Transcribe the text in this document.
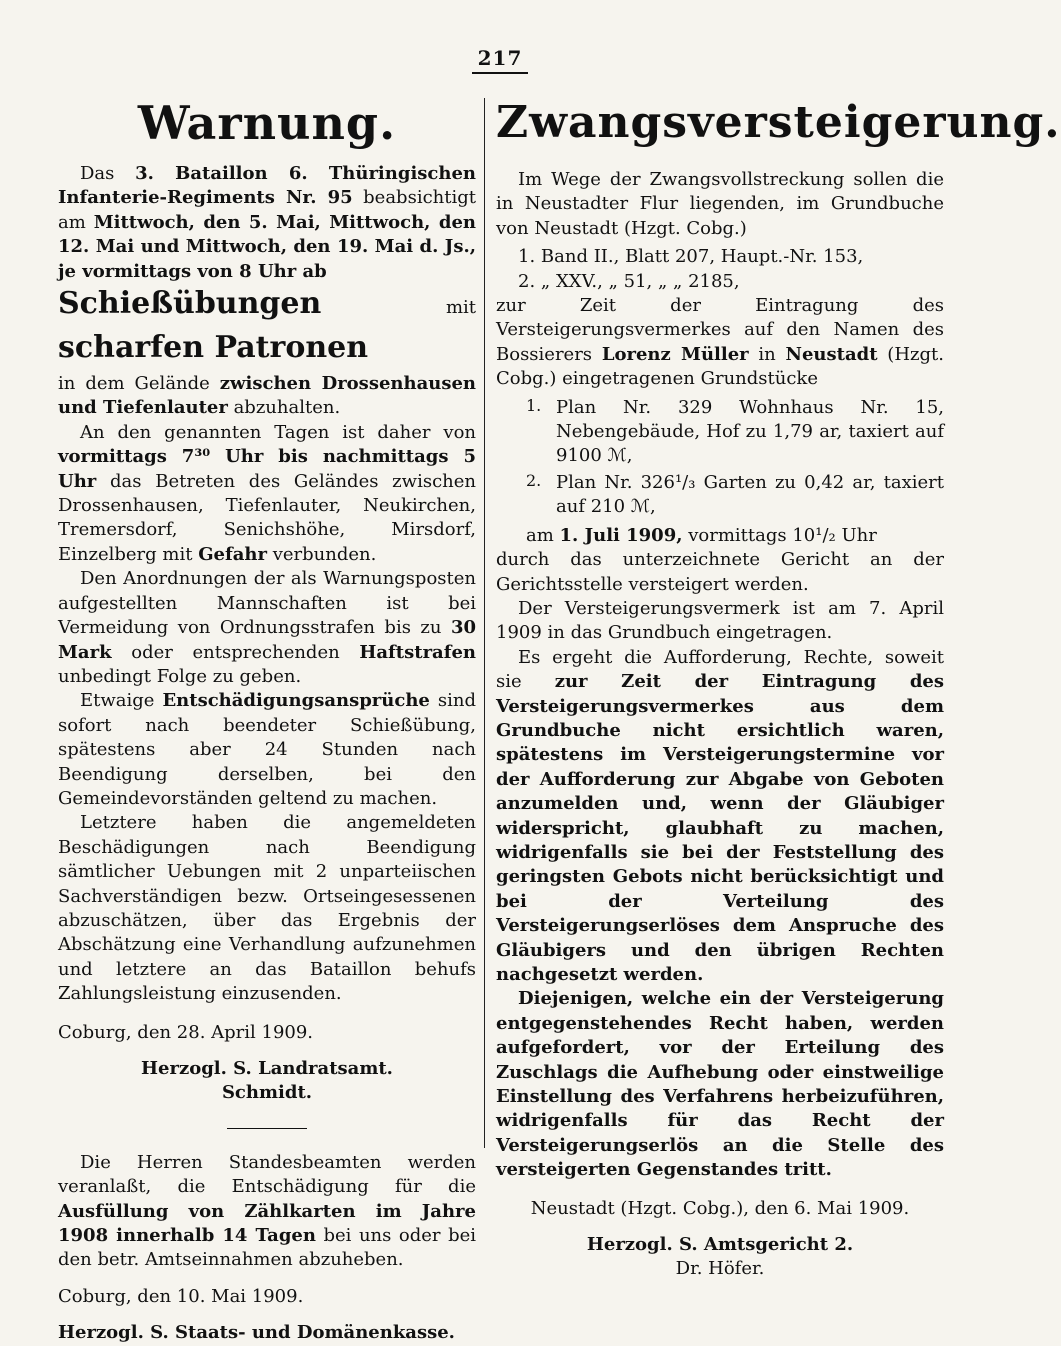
217
Warnung.

Das 3. Bataillon 6. Thüringischen Infanterie-Regiments Nr. 95 beabsichtigt am Mittwoch, den 5. Mai, Mittwoch, den 12. Mai und Mittwoch, den 19. Mai d. Js., je vormittags von 8 Uhr ab

Schießübungen mit scharfen Patronen

in dem Gelände zwischen Drossenhausen und Tiefenlauter abzuhalten.

An den genannten Tagen ist daher von vormittags 7³⁰ Uhr bis nachmittags 5 Uhr das Betreten des Geländes zwischen Drossenhausen, Tiefenlauter, Neukirchen, Tremersdorf, Senichshöhe, Mirsdorf, Einzelberg mit Gefahr verbunden.

Den Anordnungen der als Warnungsposten aufgestellten Mannschaften ist bei Vermeidung von Ordnungsstrafen bis zu 30 Mark oder entsprechenden Haftstrafen unbedingt Folge zu geben.

Etwaige Entschädigungsansprüche sind sofort nach beendeter Schießübung, spätestens aber 24 Stunden nach Beendigung derselben, bei den Gemeindevorständen geltend zu machen.

Letztere haben die angemeldeten Beschädigungen nach Beendigung sämtlicher Uebungen mit 2 unparteiischen Sachverständigen bezw. Ortseingesessenen abzuschätzen, über das Ergebnis der Abschätzung eine Verhandlung aufzunehmen und letztere an das Bataillon behufs Zahlungsleistung einzusenden.

Coburg, den 28. April 1909.

Herzogl. S. Landratsamt.

Schmidt.

Die Herren Standesbeamten werden veranlaßt, die Entschädigung für die Ausfüllung von Zählkarten im Jahre 1908 innerhalb 14 Tagen bei uns oder bei den betr. Amtseinnahmen abzuheben.

Coburg, den 10. Mai 1909.

Herzogl. S. Staats- und Domänenkasse.

Zwangsversteigerung.

Im Wege der Zwangsvollstreckung sollen die in Neustadter Flur liegenden, im Grundbuche von Neustadt (Hzgt. Cobg.)

1. Band II., Blatt 207, Haupt.-Nr. 153,

2. „ XXV., „ 51, „ „ 2185,

zur Zeit der Eintragung des Versteigerungsvermerkes auf den Namen des Bossierers Lorenz Müller in Neustadt (Hzgt. Cobg.) eingetragenen Grundstücke

1. Plan Nr. 329 Wohnhaus Nr. 15, Nebengebäude, Hof zu 1,79 ar, taxiert auf 9100 ℳ,
2. Plan Nr. 326¹/₃ Garten zu 0,42 ar, taxiert auf 210 ℳ,

am 1. Juli 1909, vormittags 10¹/₂ Uhr

durch das unterzeichnete Gericht an der Gerichtsstelle versteigert werden.

Der Versteigerungsvermerk ist am 7. April 1909 in das Grundbuch eingetragen.

Es ergeht die Aufforderung, Rechte, soweit sie zur Zeit der Eintragung des Versteigerungsvermerkes aus dem Grundbuche nicht ersichtlich waren, spätestens im Versteigerungstermine vor der Aufforderung zur Abgabe von Geboten anzumelden und, wenn der Gläubiger widerspricht, glaubhaft zu machen, widrigenfalls sie bei der Feststellung des geringsten Gebots nicht berücksichtigt und bei der Verteilung des Versteigerungserlöses dem Anspruche des Gläubigers und den übrigen Rechten nachgesetzt werden.

Diejenigen, welche ein der Versteigerung entgegenstehendes Recht haben, werden aufgefordert, vor der Erteilung des Zuschlags die Aufhebung oder einstweilige Einstellung des Verfahrens herbeizuführen, widrigenfalls für das Recht der Versteigerungserlös an die Stelle des versteigerten Gegenstandes tritt.

Neustadt (Hzgt. Cobg.), den 6. Mai 1909.

Herzogl. S. Amtsgericht 2.

Dr. Höfer.
